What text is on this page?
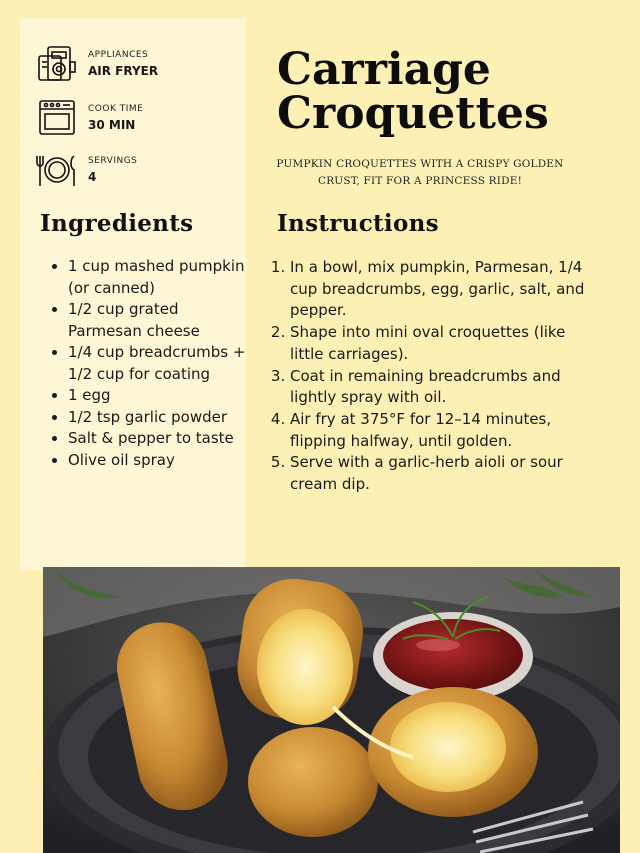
APPLIANCES
AIR FRYER
COOK TIME
30 MIN
SERVINGS
4
Carriage
Croquettes
PUMPKIN CROQUETTES WITH A CRISPY GOLDEN CRUST, FIT FOR A PRINCESS RIDE!
Ingredients
• 1 cup mashed pumpkin (or canned)
• 1/2 cup grated Parmesan cheese
• 1/4 cup breadcrumbs + 1/2 cup for coating
• 1 egg
• 1/2 tsp garlic powder
• Salt & pepper to taste
• Olive oil spray
Instructions
1. In a bowl, mix pumpkin, Parmesan, 1/4 cup breadcrumbs, egg, garlic, salt, and pepper.
2. Shape into mini oval croquettes (like little carriages).
3. Coat in remaining breadcrumbs and lightly spray with oil.
4. Air fry at 375°F for 12–14 minutes, flipping halfway, until golden.
5. Serve with a garlic-herb aioli or sour cream dip.
